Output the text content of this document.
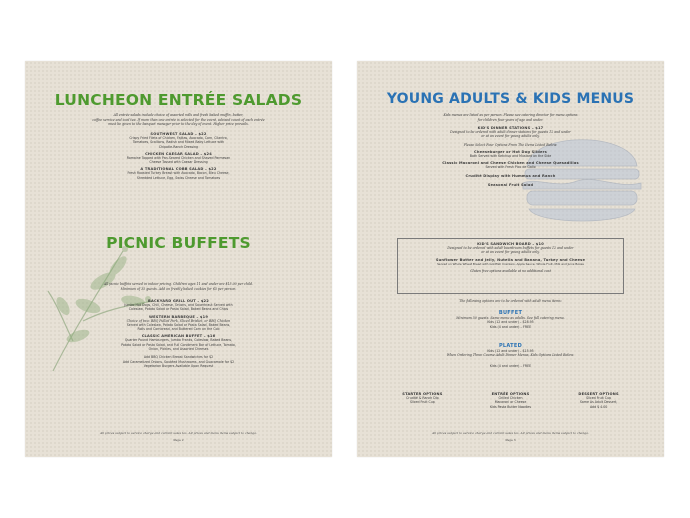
LUNCHEON ENTRÉE SALADS
All entrée salads include choice of assorted rolls and fresh baked muffin, butter,
coffee service and iced tea. If more than one entrée is selected for the event, advised count of each entrée
must be given to the banquet manager prior to the day of event. Higher price prevails.
SOUTHWEST SALAD – $22
Crispy Fried Filets of Chicken, Fajitas, Avocado, Corn, Cilantro,
Tomatoes, Scallions, Radish and Mixed Baby Lettuce with
Chipotle-Ranch Dressing
CHICKEN CAESAR SALAD – $24
Romaine Topped with Pan-Seared Chicken and Shaved Parmesan
Cheese Tossed with Caesar Dressing
A TRADITIONAL COBB SALAD – $22
Fresh Roasted Turkey Breast with Avocado, Bacon, Bleu Cheese,
Shredded Lettuce, Egg, Swiss Cheese and Tomatoes
PICNIC BUFFETS
All picnic buffets served in indoor pricing. Children ages 11 and under are $15.00 per child.
Minimum of 35 guests. Add on freshly baked cookies for $5 per person.
BACKYARD GRILL OUT – $22
Jumbo Hot Dogs, Chili, Cheese, Onions, and Sauerkraut Served with
Coleslaw, Potato Salad or Pasta Salad, Baked Beans and Chips
WESTERN BARBEQUE – $19
Choice of two: BBQ Pulled Pork, Sliced Brisket, or BBQ Chicken
Served with Coleslaw, Potato Salad or Pasta Salad, Baked Beans,
Rolls and Cornbread, and Buttered Corn on the Cob
CLASSIC AMERICAN BUFFET – $16
Quarter Pound Hamburgers, Jumbo Franks, Coleslaw, Baked Beans,
Potato Salad or Pasta Salad, and Full Condiment Bar of Lettuce, Tomato,
Onion, Pickles, and Assorted Cheeses
Add BBQ Chicken Breast Sandwiches for $2
Add Caramelized Onions, Sautéed Mushrooms, and Guacamole for $2
Vegetarian Burgers Available Upon Request
All prices subject to service charge and current sales tax. All prices and menu items subject to change.
Page 2
YOUNG ADULTS & KIDS MENUS
Kids menus are listed as per person. Please see catering director for menu options
for children four years of age and under.
KID'S DINNER STATIONS – $17
Designed to be ordered with adult dinner stations for guests 12 and under
or at an event for young adults only.
Please Select Four Options From The Items Listed Below:
Cheeseburger or Hot Dog Sliders
Both Served with Ketchup and Mustard on the Side
Classic Macaroni and Cheese Chicken and Cheese Quesadillas
Served with Fresh Pico de Gallo
Crudité Display with Hummus and Ranch
Seasonal Fruit Salad
KID'S SANDWICH BOARD – $10
Designed to be ordered with adult boardroom buffets for guests 12 and under
or at an event for young adults only.
Sunflower Butter and Jelly, Nutella and Banana, Turkey and Cheese
Served on Whole Wheat Bread with Goldfish Crackers, Apple Sauce, Whole Fruit, Milk and Juice Boxes
Gluten free options available at no additional cost
The following options are to be ordered with adult menu items:
BUFFET
Minimum 50 guests. Same menu as adults. See full catering menu.
Kids (12 and under) – $28.95
Kids (4 and under) – FREE
PLATED
Kids (12 and under) – $15.95
When Ordering Three Course Adult Dinner Menus, Kids Options Listed Below:
Kids (4 and under) – FREE
STARTER OPTIONS
Crudité & Ranch Dip
Sliced Fruit Cup
ENTRÉE OPTIONS
Grilled Chicken
Macaroni or Cheese
Kids Pasta Butter Noodles
DESSERT OPTIONS
Sliced Fruit Cup
Same As Adult Dessert,
Add $ 4.00
All prices subject to service charge and current sales tax. All prices and menu items subject to change.
Page 3
